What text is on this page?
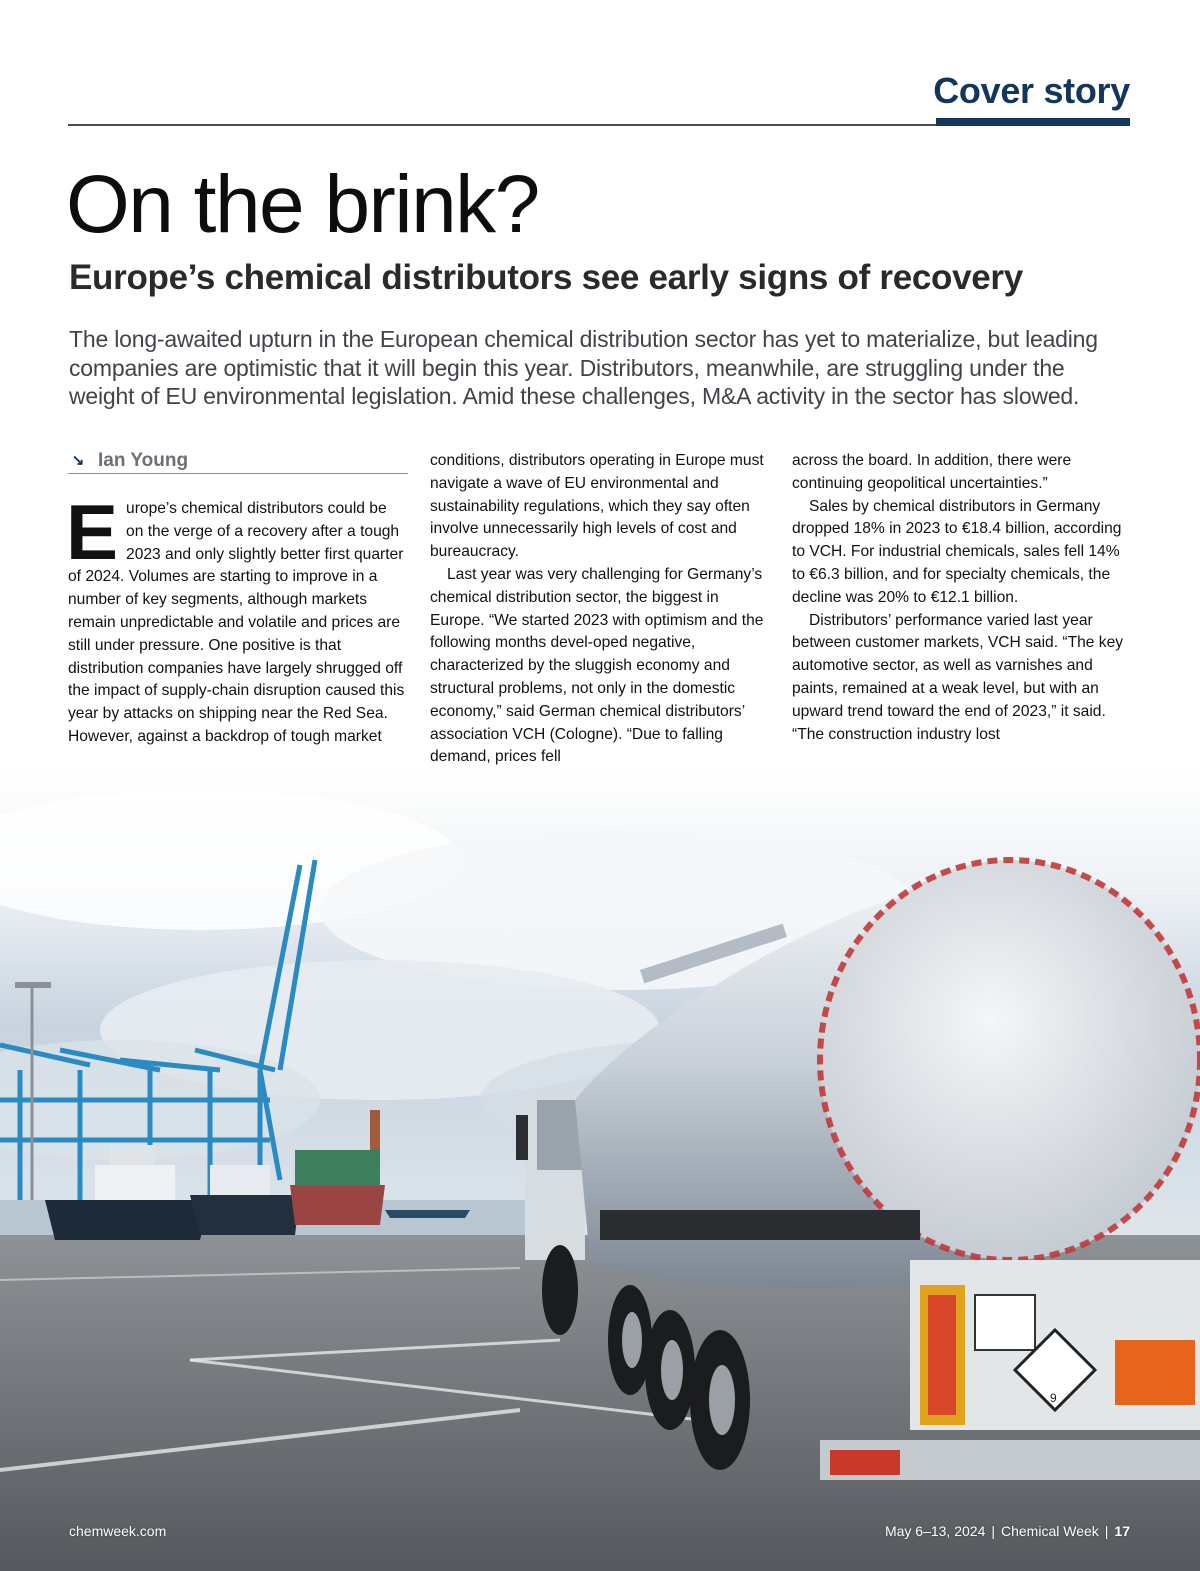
Cover story
On the brink?
Europe’s chemical distributors see early signs of recovery

The long-awaited upturn in the European chemical distribution sector has yet to materialize, but leading companies are optimistic that it will begin this year. Distributors, meanwhile, are struggling under the weight of EU environmental legislation. Amid these challenges, M&A activity in the sector has slowed.

↘ Ian Young

Europe’s chemical distributors could be on the verge of a recovery after a tough 2023 and only slightly better first quarter of 2024. Volumes are starting to improve in a number of key segments, although markets remain unpredictable and volatile and prices are still under pressure. One positive is that distribution companies have largely shrugged off the impact of supply-chain disruption caused this year by attacks on shipping near the Red Sea. However, against a backdrop of tough market

conditions, distributors operating in Europe must navigate a wave of EU environmental and sustainability regulations, which they say often involve unnecessarily high levels of cost and bureaucracy.

Last year was very challenging for Germany’s chemical distribution sector, the biggest in Europe. “We started 2023 with optimism and the following months devel-oped negative, characterized by the sluggish economy and structural problems, not only in the domestic economy,” said German chemical distributors’ association VCH (Cologne). “Due to falling demand, prices fell

across the board. In addition, there were continuing geopolitical uncertainties.”

Sales by chemical distributors in Germany dropped 18% in 2023 to €18.4 billion, according to VCH. For industrial chemicals, sales fell 14% to €6.3 billion, and for specialty chemicals, the decline was 20% to €12.1 billion.

Distributors’ performance varied last year between customer markets, VCH said. “The key automotive sector, as well as varnishes and paints, remained at a weak level, but with an upward trend toward the end of 2023,” it said. “The construction industry lost

9
chemweek.com	May 6–13, 2024 | Chemical Week | 17
